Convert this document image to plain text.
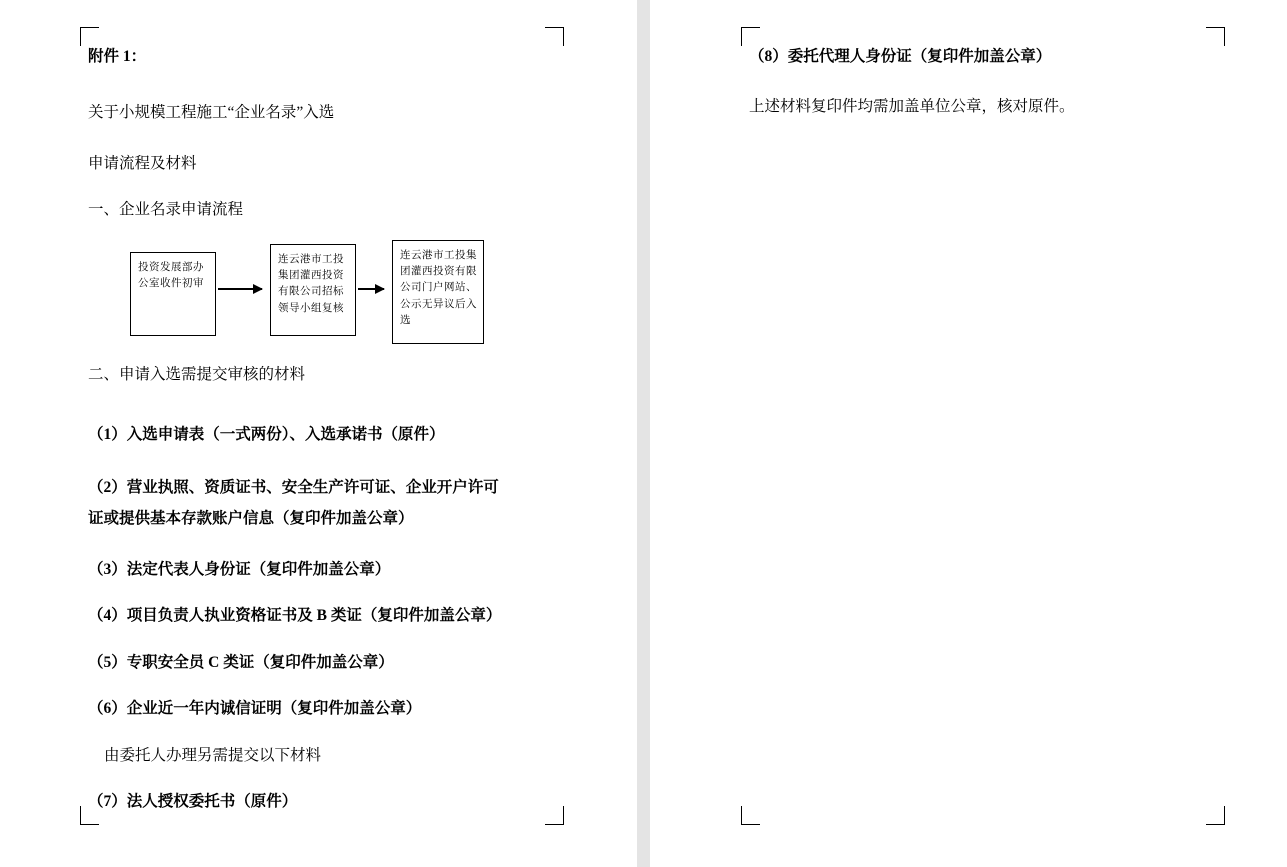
附件 1：

关于小规模工程施工“企业名录”入选

申请流程及材料

一、企业名录申请流程

投资发展部办公室收件初审
连云港市工投集团灌西投资有限公司招标领导小组复核
连云港市工投集团灌西投资有限公司门户网站、公示无异议后入选

二、申请入选需提交审核的材料

（1）入选申请表（一式两份）、入选承诺书（原件）

（2）营业执照、资质证书、安全生产许可证、企业开户许可

证或提供基本存款账户信息（复印件加盖公章）

（3）法定代表人身份证（复印件加盖公章）

（4）项目负责人执业资格证书及 B 类证（复印件加盖公章）

（5）专职安全员 C 类证（复印件加盖公章）

（6）企业近一年内诚信证明（复印件加盖公章）

由委托人办理另需提交以下材料

（7）法人授权委托书（原件）

（8）委托代理人身份证（复印件加盖公章）

上述材料复印件均需加盖单位公章，核对原件。
